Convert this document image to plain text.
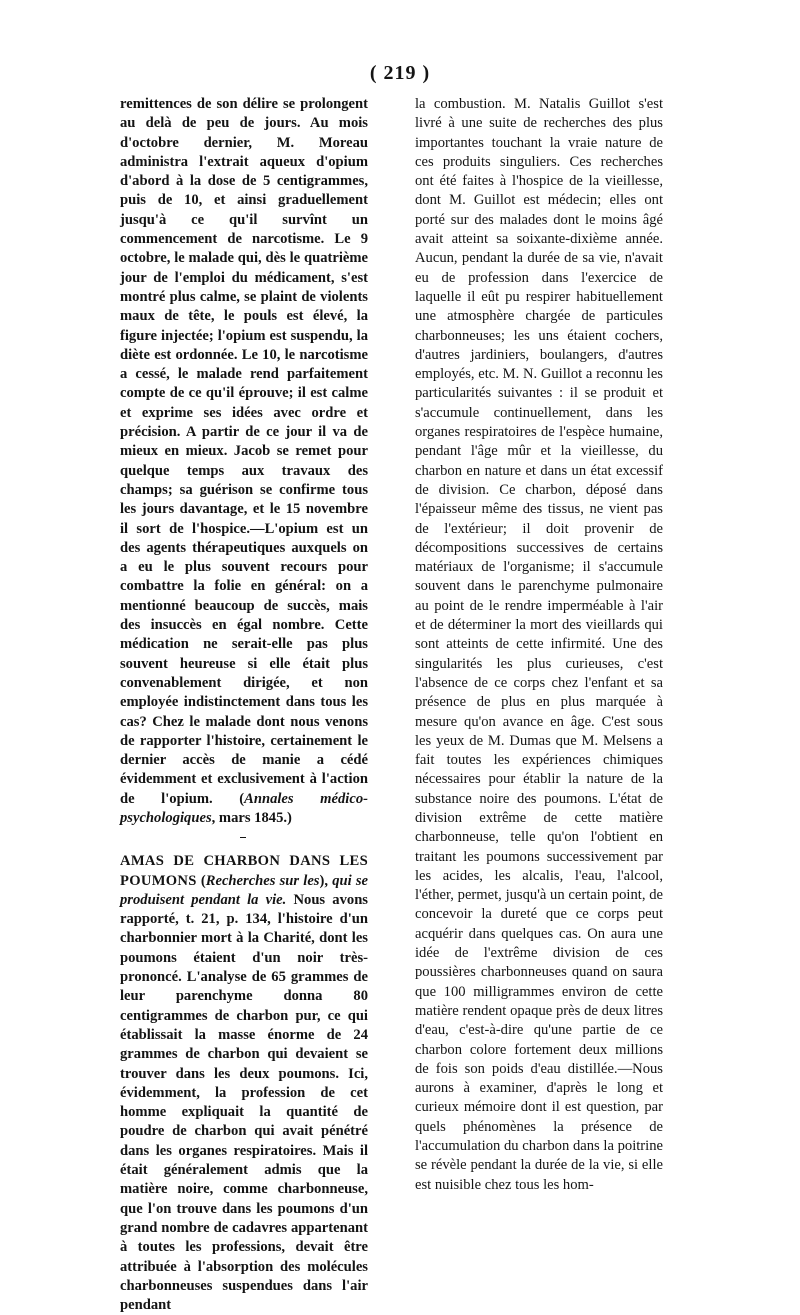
( 219 )

remittences de son délire se prolongent au delà de peu de jours. Au mois d'octobre dernier, M. Moreau administra l'extrait aqueux d'opium d'abord à la dose de 5 centigrammes, puis de 10, et ainsi graduellement jusqu'à ce qu'il survînt un commencement de narcotisme. Le 9 octobre, le malade qui, dès le quatrième jour de l'emploi du médicament, s'est montré plus calme, se plaint de violents maux de tête, le pouls est élevé, la figure injectée; l'opium est suspendu, la diète est ordonnée. Le 10, le narcotisme a cessé, le malade rend parfaitement compte de ce qu'il éprouve; il est calme et exprime ses idées avec ordre et précision. A partir de ce jour il va de mieux en mieux. Jacob se remet pour quelque temps aux travaux des champs; sa guérison se confirme tous les jours davantage, et le 15 novembre il sort de l'hospice.—L'opium est un des agents thérapeutiques auxquels on a eu le plus souvent recours pour combattre la folie en général: on a mentionné beaucoup de succès, mais des insuccès en égal nombre. Cette médication ne serait-elle pas plus souvent heureuse si elle était plus convenablement dirigée, et non employée indistinctement dans tous les cas? Chez le malade dont nous venons de rapporter l'histoire, certainement le dernier accès de manie a cédé évidemment et exclusivement à l'action de l'opium. (Annales médico-psychologiques, mars 1845.)

AMAS DE CHARBON DANS LES POUMONS (Recherches sur les), qui se produisent pendant la vie. Nous avons rapporté, t. 21, p. 134, l'histoire d'un charbonnier mort à la Charité, dont les poumons étaient d'un noir très-prononcé. L'analyse de 65 grammes de leur parenchyme donna 80 centigrammes de charbon pur, ce qui établissait la masse énorme de 24 grammes de charbon qui devaient se trouver dans les deux poumons. Ici, évidemment, la profession de cet homme expliquait la quantité de poudre de charbon qui avait pénétré dans les organes respiratoires. Mais il était généralement admis que la matière noire, comme charbonneuse, que l'on trouve dans les poumons d'un grand nombre de cadavres appartenant à toutes les professions, devait être attribuée à l'absorption des molécules charbonneuses suspendues dans l'air pendant

la combustion. M. Natalis Guillot s'est livré à une suite de recherches des plus importantes touchant la vraie nature de ces produits singuliers. Ces recherches ont été faites à l'hospice de la vieillesse, dont M. Guillot est médecin; elles ont porté sur des malades dont le moins âgé avait atteint sa soixante-dixième année. Aucun, pendant la durée de sa vie, n'avait eu de profession dans l'exercice de laquelle il eût pu respirer habituellement une atmosphère chargée de particules charbonneuses; les uns étaient cochers, d'autres jardiniers, boulangers, d'autres employés, etc. M. N. Guillot a reconnu les particularités suivantes : il se produit et s'accumule continuellement, dans les organes respiratoires de l'espèce humaine, pendant l'âge mûr et la vieillesse, du charbon en nature et dans un état excessif de division. Ce charbon, déposé dans l'épaisseur même des tissus, ne vient pas de l'extérieur; il doit provenir de décompositions successives de certains matériaux de l'organisme; il s'accumule souvent dans le parenchyme pulmonaire au point de le rendre imperméable à l'air et de déterminer la mort des vieillards qui sont atteints de cette infirmité. Une des singularités les plus curieuses, c'est l'absence de ce corps chez l'enfant et sa présence de plus en plus marquée à mesure qu'on avance en âge. C'est sous les yeux de M. Dumas que M. Melsens a fait toutes les expériences chimiques nécessaires pour établir la nature de la substance noire des poumons. L'état de division extrême de cette matière charbonneuse, telle qu'on l'obtient en traitant les poumons successivement par les acides, les alcalis, l'eau, l'alcool, l'éther, permet, jusqu'à un certain point, de concevoir la dureté que ce corps peut acquérir dans quelques cas. On aura une idée de l'extrême division de ces poussières charbonneuses quand on saura que 100 milligrammes environ de cette matière rendent opaque près de deux litres d'eau, c'est-à-dire qu'une partie de ce charbon colore fortement deux millions de fois son poids d'eau distillée.—Nous aurons à examiner, d'après le long et curieux mémoire dont il est question, par quels phénomènes la présence de l'accumulation du charbon dans la poitrine se révèle pendant la durée de la vie, si elle est nuisible chez tous les hom-
